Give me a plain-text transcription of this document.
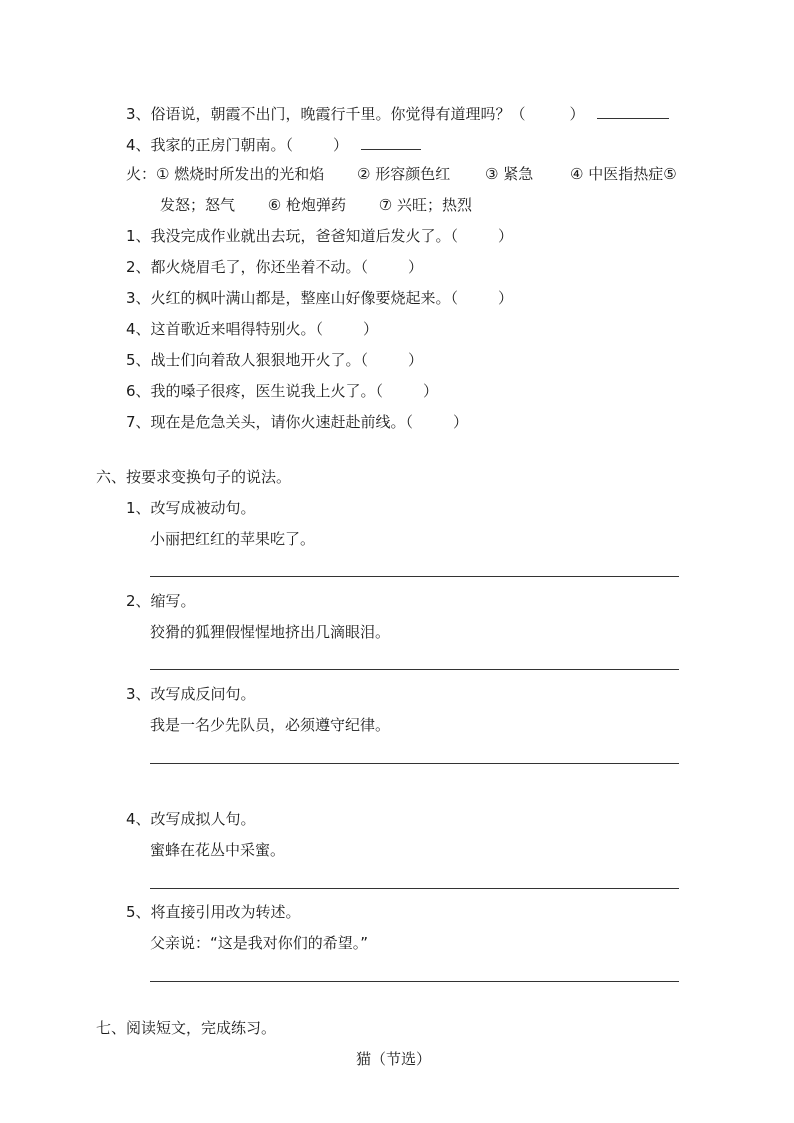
3、俗语说，朝霞不出门，晚霞行千里。你觉得有道理吗？（	）
4、我家的正房门朝南。（	）
火：① 燃烧时所发出的光和焰 ② 形容颜色红 ③ 紧急 ④ 中医指热症⑤
发怒；怒气 ⑥ 枪炮弹药 ⑦ 兴旺；热烈
1、我没完成作业就出去玩，爸爸知道后发火了。（	）
2、都火烧眉毛了，你还坐着不动。（	）
3、火红的枫叶满山都是，整座山好像要烧起来。（	）
4、这首歌近来唱得特别火。（	）
5、战士们向着敌人狠狠地开火了。（	）
6、我的嗓子很疼，医生说我上火了。（	）
7、现在是危急关头，请你火速赶赴前线。（	）
六、按要求变换句子的说法。
1、改写成被动句。
小丽把红红的苹果吃了。
2、缩写。
狡猾的狐狸假惺惺地挤出几滴眼泪。
3、改写成反问句。
我是一名少先队员，必须遵守纪律。
4、改写成拟人句。
蜜蜂在花丛中采蜜。
5、将直接引用改为转述。
父亲说：“这是我对你们的希望。”
七、阅读短文，完成练习。
猫（节选）
